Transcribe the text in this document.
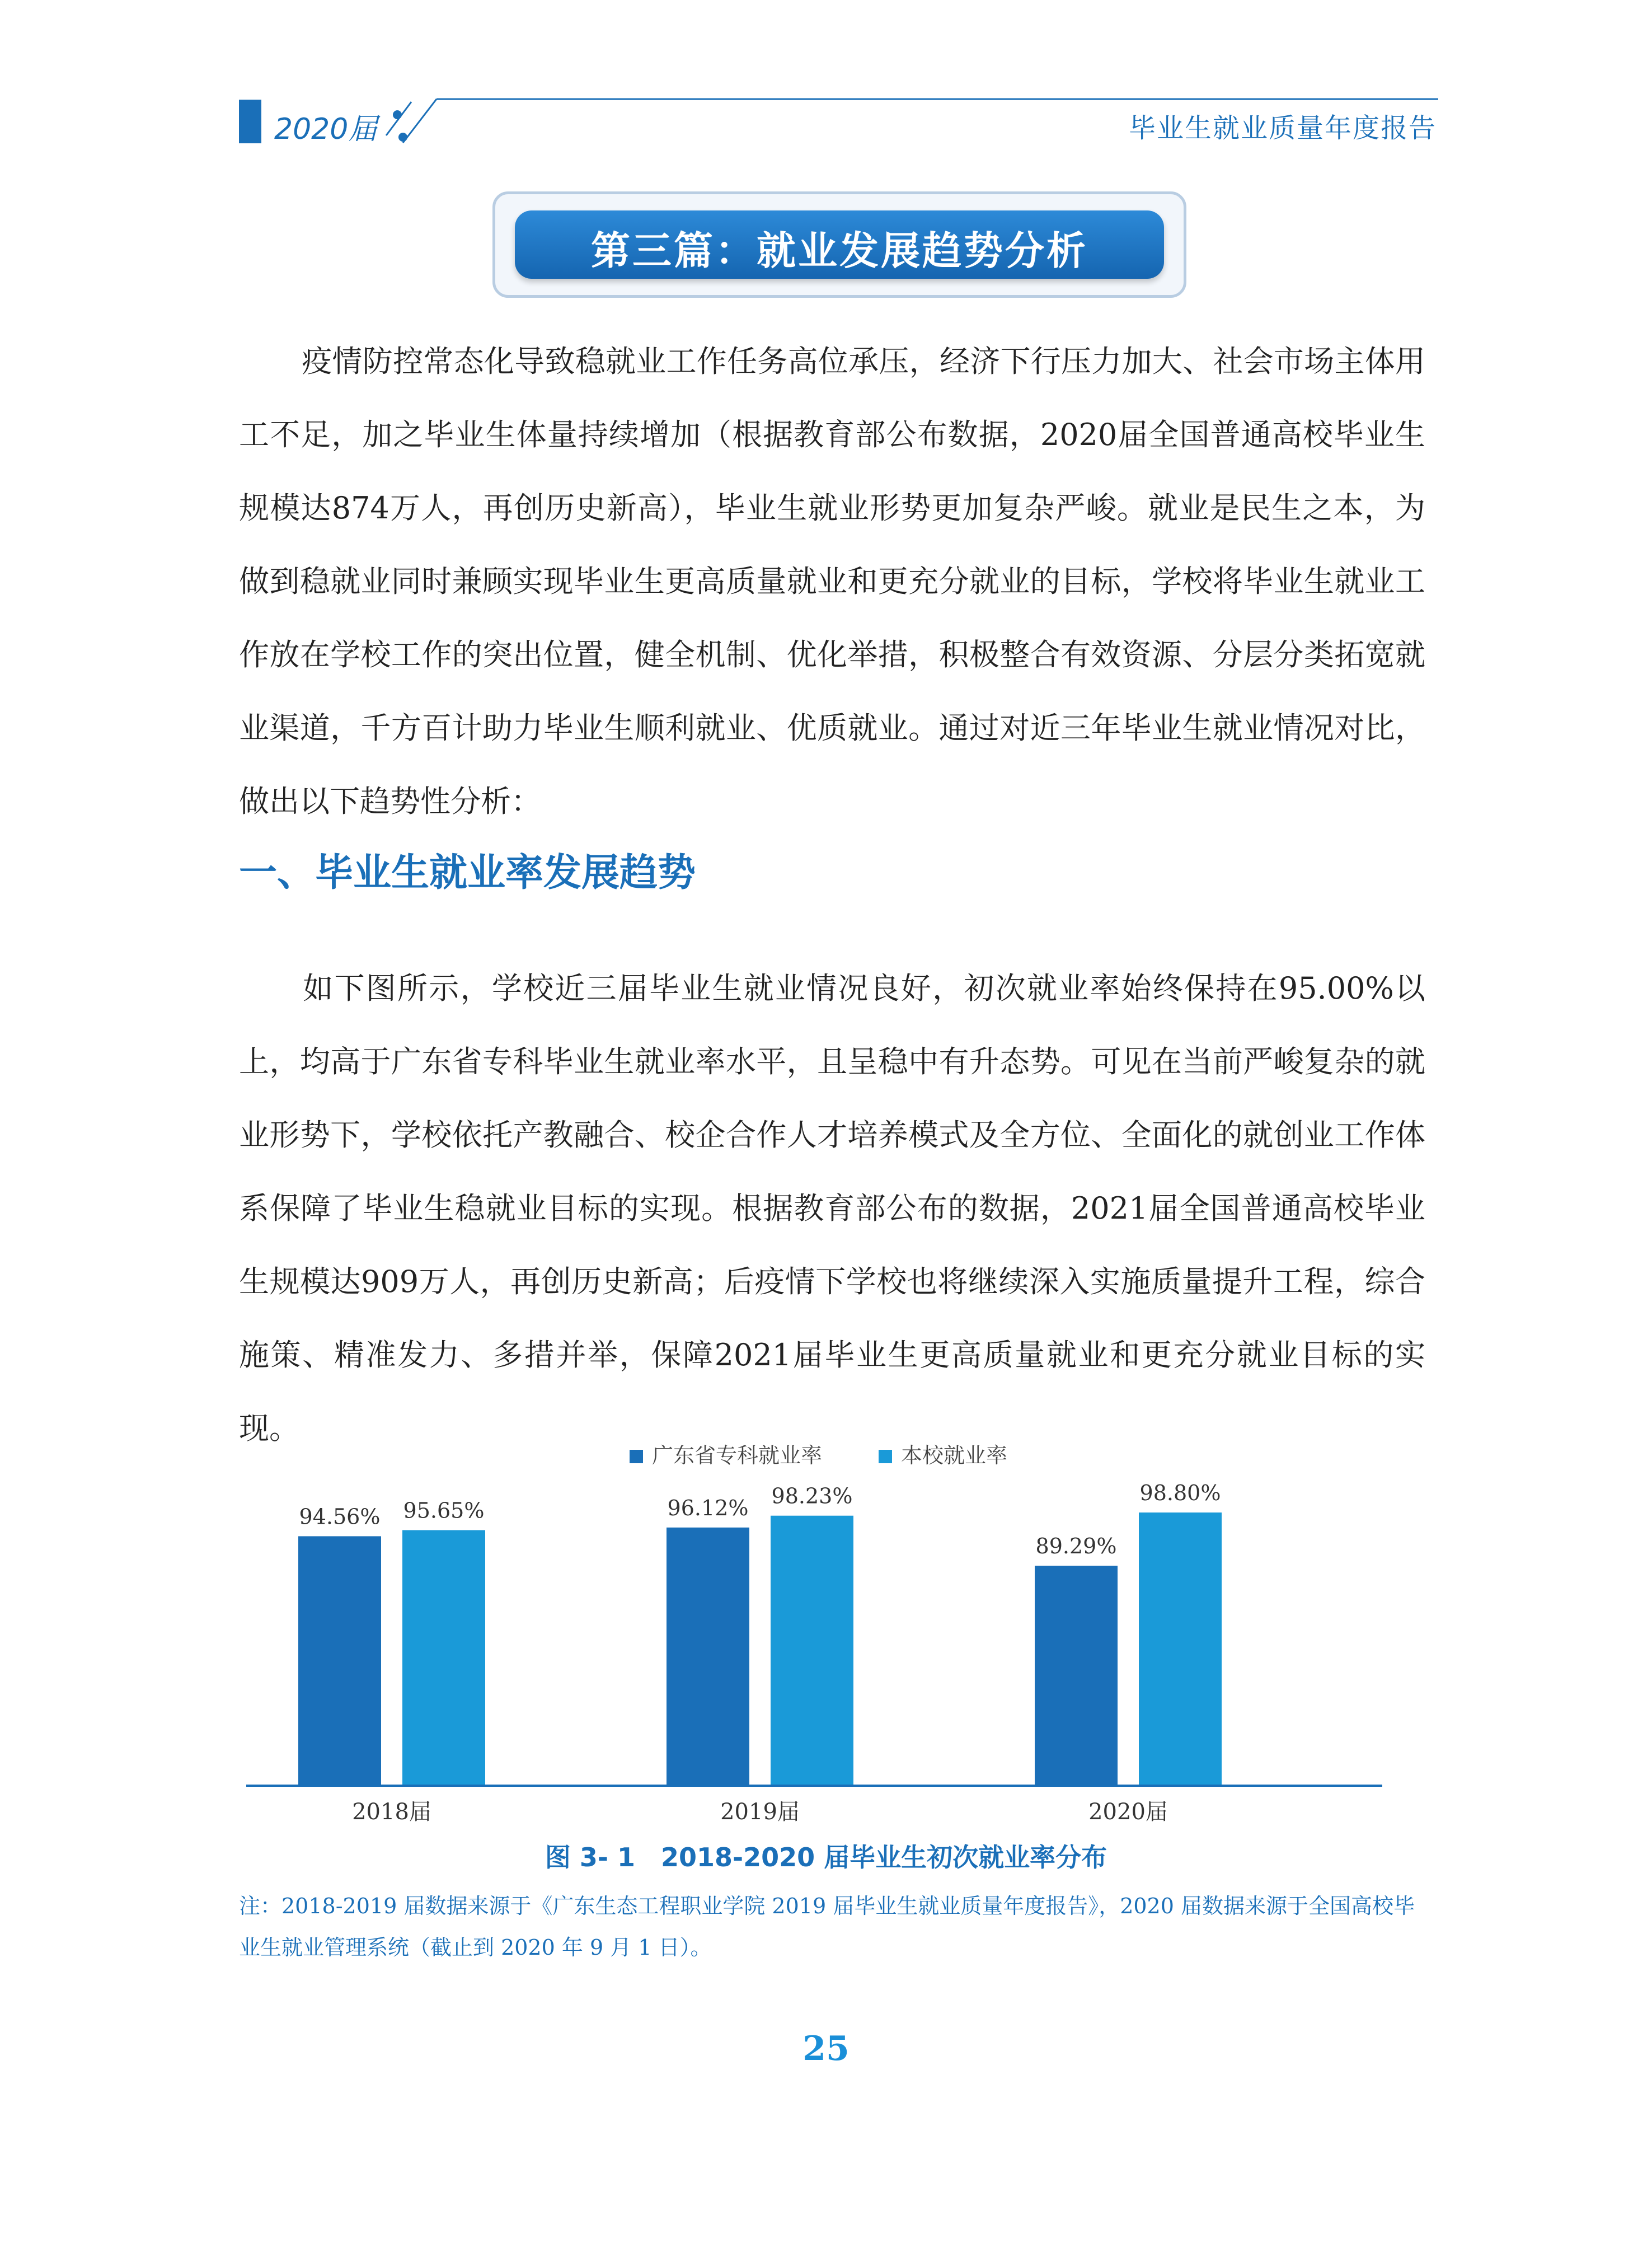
2020届	毕业生就业质量年度报告
第三篇：就业发展趋势分析
疫情防控常态化导致稳就业工作任务高位承压，经济下行压力加大、社会市场主体用工不足，加之毕业生体量持续增加（根据教育部公布数据，2020届全国普通高校毕业生规模达874万人，再创历史新高），毕业生就业形势更加复杂严峻。就业是民生之本，为做到稳就业同时兼顾实现毕业生更高质量就业和更充分就业的目标，学校将毕业生就业工作放在学校工作的突出位置，健全机制、优化举措，积极整合有效资源、分层分类拓宽就业渠道，千方百计助力毕业生顺利就业、优质就业。通过对近三年毕业生就业情况对比，做出以下趋势性分析：
一、毕业生就业率发展趋势
如下图所示，学校近三届毕业生就业情况良好，初次就业率始终保持在95.00%以上，均高于广东省专科毕业生就业率水平，且呈稳中有升态势。可见在当前严峻复杂的就业形势下，学校依托产教融合、校企合作人才培养模式及全方位、全面化的就创业工作体系保障了毕业生稳就业目标的实现。根据教育部公布的数据，2021届全国普通高校毕业生规模达909万人，再创历史新高；后疫情下学校也将继续深入实施质量提升工程，综合施策、精准发力、多措并举，保障2021届毕业生更高质量就业和更充分就业目标的实现。
广东省专科就业率	本校就业率
94.56% 95.65%
2018届
96.12% 98.23%
2019届
89.29%
98.80%
2020届
图 3- 1　2018-2020 届毕业生初次就业率分布
注：2018-2019 届数据来源于《广东生态工程职业学院 2019 届毕业生就业质量年度报告》，2020 届数据来源于全国高校毕业生就业管理系统（截止到 2020 年 9 月 1 日）。
25
